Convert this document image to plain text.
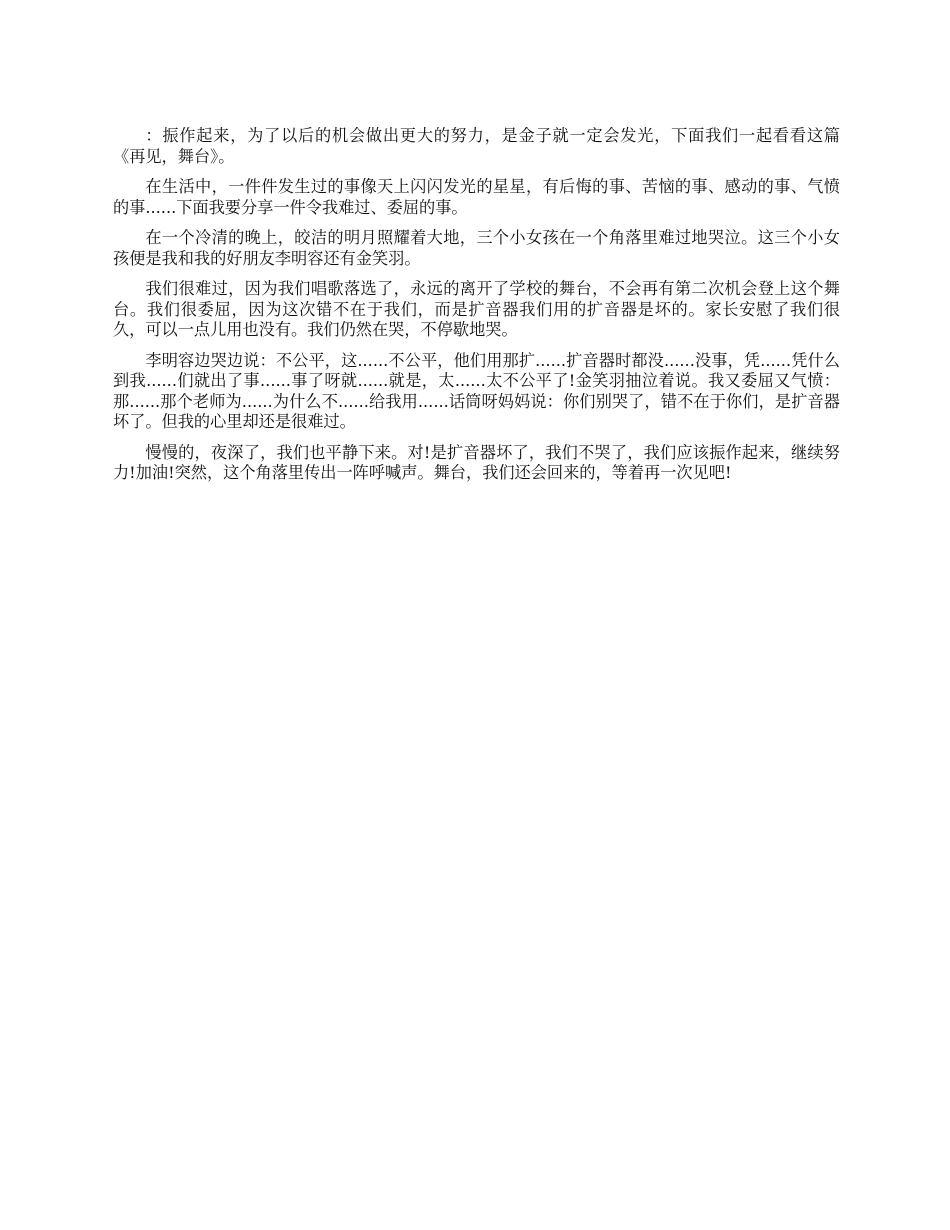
：振作起来，为了以后的机会做出更大的努力，是金子就一定会发光，下面我们一起看看这篇《再见，舞台》。

在生活中，一件件发生过的事像天上闪闪发光的星星，有后悔的事、苦恼的事、感动的事、气愤的事......下面我要分享一件令我难过、委屈的事。

在一个冷清的晚上，皎洁的明月照耀着大地，三个小女孩在一个角落里难过地哭泣。这三个小女孩便是我和我的好朋友李明容还有金笑羽。

我们很难过，因为我们唱歌落选了，永远的离开了学校的舞台，不会再有第二次机会登上这个舞台。我们很委屈，因为这次错不在于我们，而是扩音器我们用的扩音器是坏的。家长安慰了我们很久，可以一点儿用也没有。我们仍然在哭，不停歇地哭。

李明容边哭边说：不公平，这......不公平，他们用那扩......扩音器时都没......没事，凭......凭什么到我......们就出了事......事了呀就......就是，太......太不公平了!金笑羽抽泣着说。我又委屈又气愤：那......那个老师为......为什么不......给我用......话筒呀妈妈说：你们别哭了，错不在于你们，是扩音器坏了。但我的心里却还是很难过。

慢慢的，夜深了，我们也平静下来。对!是扩音器坏了，我们不哭了，我们应该振作起来，继续努力!加油!突然，这个角落里传出一阵呼喊声。舞台，我们还会回来的，等着再一次见吧!
